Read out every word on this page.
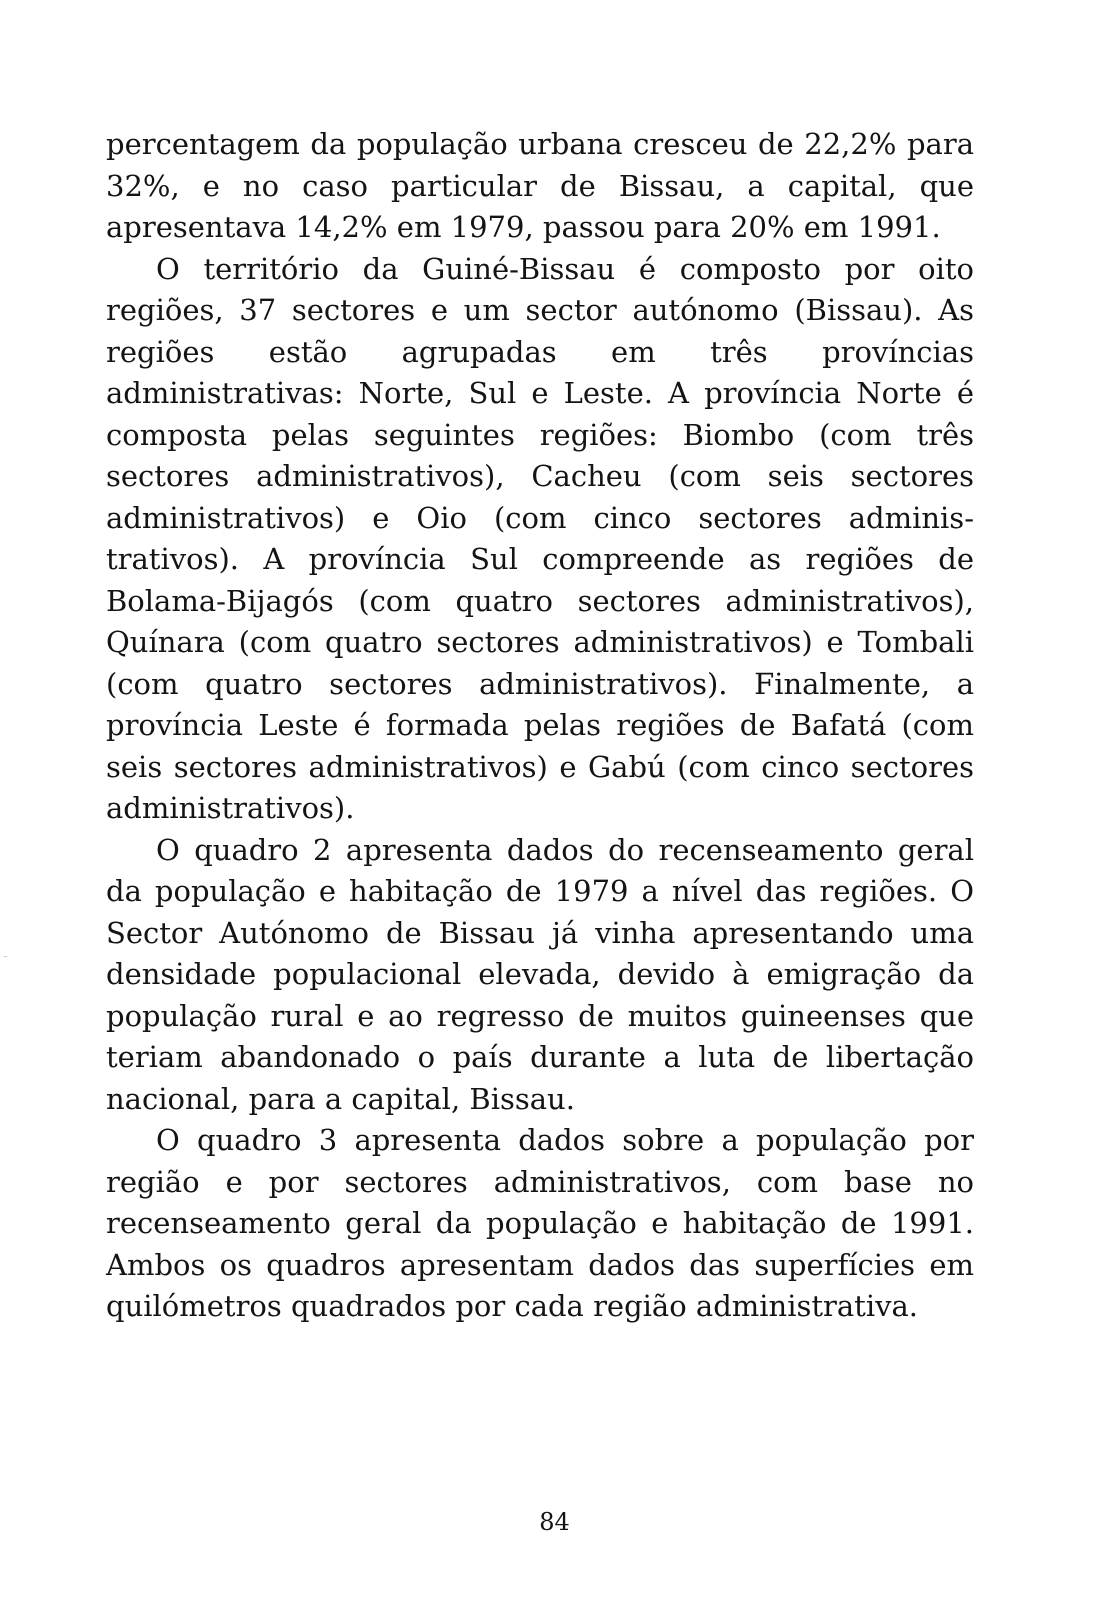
percentagem da população urbana cresceu de 22,2% para 32%, e no caso particular de Bissau, a capital, que apresentava 14,2% em 1979, passou para 20% em 1991.

O território da Guiné-Bissau é composto por oito regiões, 37 sectores e um sector autónomo (Bissau). As regiões estão agrupadas em três províncias administrativas: Norte, Sul e Leste. A província Norte é composta pelas seguintes regiões: Biombo (com três sectores administrativos), Cacheu (com seis sectores administrativos) e Oio (com cinco sectores administrativos). A província Sul compreende as regiões de Bolama-Bijagós (com quatro sectores administrativos), Quínara (com quatro sectores administrativos) e Tombali (com quatro sectores administrativos). Finalmente, a província Leste é formada pelas regiões de Bafatá (com seis sectores administrativos) e Gabú (com cinco sectores administrativos).

O quadro 2 apresenta dados do recenseamento geral da população e habitação de 1979 a nível das regiões. O Sector Autónomo de Bissau já vinha apresentando uma densidade populacional elevada, devido à emigração da população rural e ao regresso de muitos guineenses que teriam abandonado o país durante a luta de libertação nacional, para a capital, Bissau.

O quadro 3 apresenta dados sobre a população por região e por sectores administrativos, com base no recenseamento geral da população e habitação de 1991. Ambos os quadros apresentam dados das superfícies em quilómetros quadrados por cada região administrativa.

84
